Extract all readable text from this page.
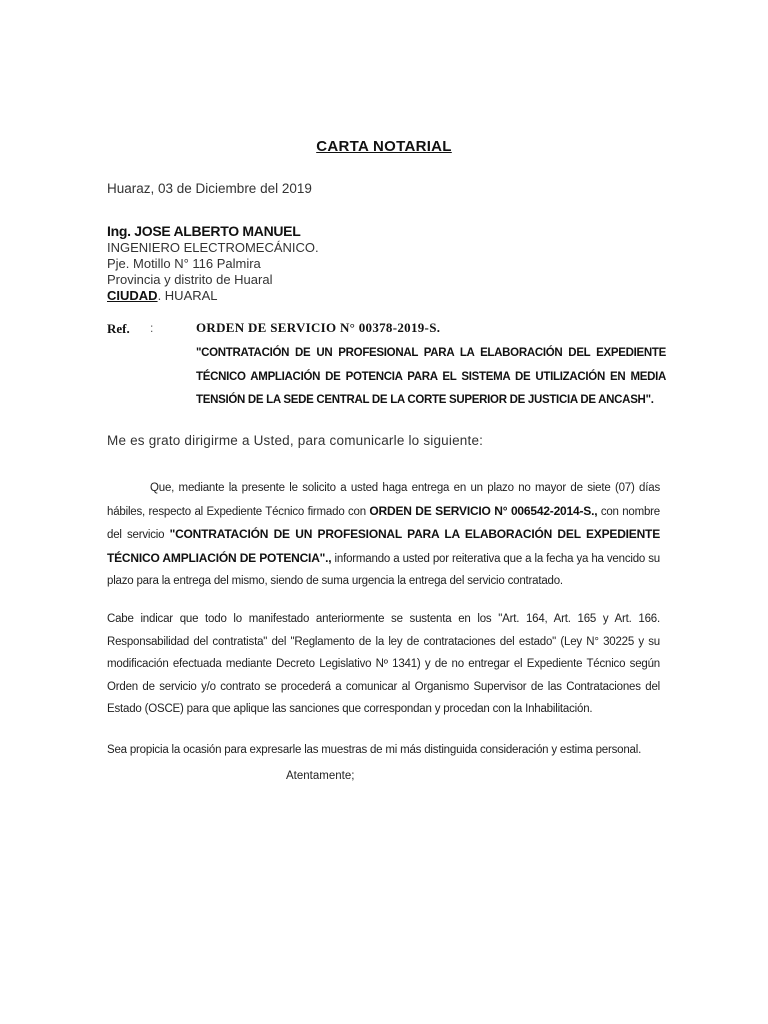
CARTA NOTARIAL
Huaraz, 03 de Diciembre del 2019
Ing. JOSE ALBERTO MANUEL
INGENIERO ELECTROMECÁNICO.
Pje. Motillo N° 116 Palmira
Provincia y distrito de Huaral
CIUDAD. HUARAL
Ref. :	ORDEN DE SERVICIO N° 00378-2019-S.
"CONTRATACIÓN DE UN PROFESIONAL PARA LA ELABORACIÓN DEL EXPEDIENTE TÉCNICO AMPLIACIÓN DE POTENCIA PARA EL SISTEMA DE UTILIZACIÓN EN MEDIA TENSIÓN DE LA SEDE CENTRAL DE LA CORTE SUPERIOR DE JUSTICIA DE ANCASH".
Me es grato dirigirme a Usted, para comunicarle lo siguiente:
Que, mediante la presente le solicito a usted haga entrega en un plazo no mayor de siete (07) días hábiles, respecto al Expediente Técnico firmado con ORDEN DE SERVICIO N° 006542-2014-S., con nombre del servicio "CONTRATACIÓN DE UN PROFESIONAL PARA LA ELABORACIÓN DEL EXPEDIENTE TÉCNICO AMPLIACIÓN DE POTENCIA"., informando a usted por reiterativa que a la fecha ya ha vencido su plazo para la entrega del mismo, siendo de suma urgencia la entrega del servicio contratado.
Cabe indicar que todo lo manifestado anteriormente se sustenta en los "Art. 164, Art. 165 y Art. 166. Responsabilidad del contratista" del "Reglamento de la ley de contrataciones del estado" (Ley N° 30225 y su modificación efectuada mediante Decreto Legislativo Nº 1341) y de no entregar el Expediente Técnico según Orden de servicio y/o contrato se procederá a comunicar al Organismo Supervisor de las Contrataciones del Estado (OSCE) para que aplique las sanciones que correspondan y procedan con la Inhabilitación.
Sea propicia la ocasión para expresarle las muestras de mi más distinguida consideración y estima personal.
Atentamente;
